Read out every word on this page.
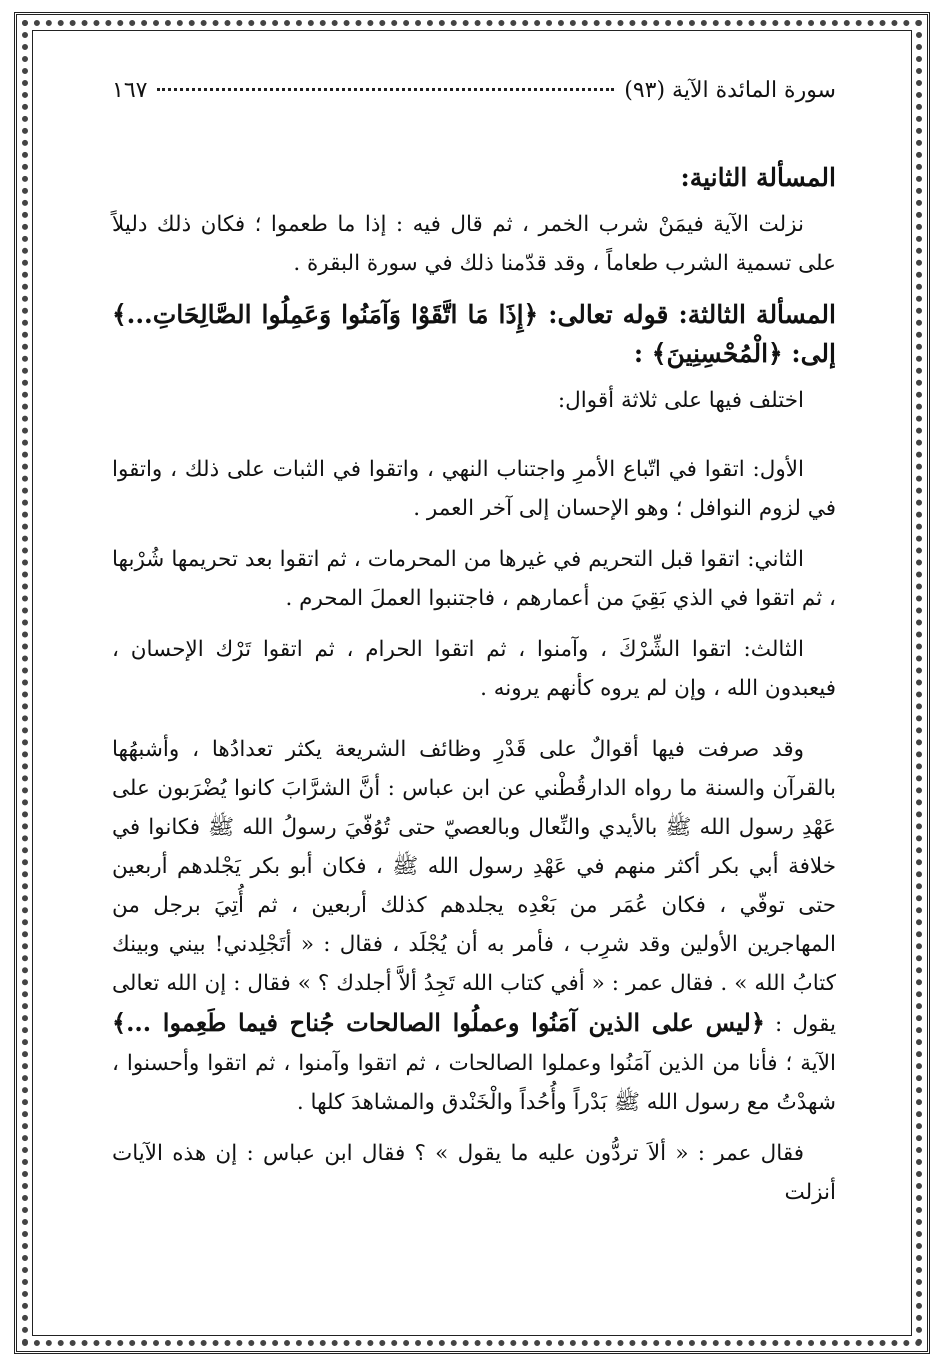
سورة المائدة الآية (٩٣)
١٦٧

المسألة الثانية:

نزلت الآية فيمَنْ شرب الخمر ، ثم قال فيه : إذا ما طعموا ؛ فكان ذلك دليلاً على تسمية الشرب طعاماً ، وقد قدّمنا ذلك في سورة البقرة .

المسألة الثالثة: قوله تعالى: ﴿إِذَا مَا اتَّقَوْا وَآمَنُوا وَعَمِلُوا الصَّالِحَاتِ...﴾ إلى: ﴿الْمُحْسِنِينَ﴾ :

اختلف فيها على ثلاثة أقوال:

الأول: اتقوا في اتّباع الأمرِ واجتناب النهي ، واتقوا في الثبات على ذلك ، واتقوا في لزوم النوافل ؛ وهو الإحسان إلى آخر العمر .

الثاني: اتقوا قبل التحريم في غيرها من المحرمات ، ثم اتقوا بعد تحريمها شُرْبها ، ثم اتقوا في الذي بَقِيَ من أعمارهم ، فاجتنبوا العملَ المحرم .

الثالث: اتقوا الشِّرْكَ ، وآمنوا ، ثم اتقوا الحرام ، ثم اتقوا تَرْك الإحسان ، فيعبدون الله ، وإن لم يروه كأنهم يرونه .

وقد صرفت فيها أقوالٌ على قَدْرِ وظائف الشريعة يكثر تعدادُها ، وأشبهُها بالقرآن والسنة ما رواه الدارقُطْني عن ابن عباس : أنَّ الشرَّابَ كانوا يُضْرَبون على عَهْدِ رسول الله ﷺ بالأيدي والنِّعال وبالعصيّ حتى تُوُفّيَ رسولُ الله ﷺ فكانوا في خلافة أبي بكر أكثر منهم في عَهْدِ رسول الله ﷺ ، فكان أبو بكر يَجْلدهم أربعين حتى توفّي ، فكان عُمَر من بَعْدِه يجلدهم كذلك أربعين ، ثم أُتِيَ برجل من المهاجرين الأولين وقد شرِب ، فأمر به أن يُجْلَد ، فقال : « أتَجْلِدني! بيني وبينك كتابُ الله » . فقال عمر : « أفي كتاب الله تَجِدُ ألاَّ أجلدك ؟ » فقال : إن الله تعالى يقول : ﴿ليس على الذين آمَنُوا وعملُوا الصالحات جُناح فيما طَعِموا ...﴾ الآية ؛ فأنا من الذين آمَنُوا وعملوا الصالحات ، ثم اتقوا وآمنوا ، ثم اتقوا وأحسنوا ، شهدْتُ مع رسول الله ﷺ بَدْراً وأُحُداً والْخَنْدق والمشاهدَ كلها .

فقال عمر : « ألاَ تردُّون عليه ما يقول » ؟ فقال ابن عباس : إن هذه الآيات أنزلت
